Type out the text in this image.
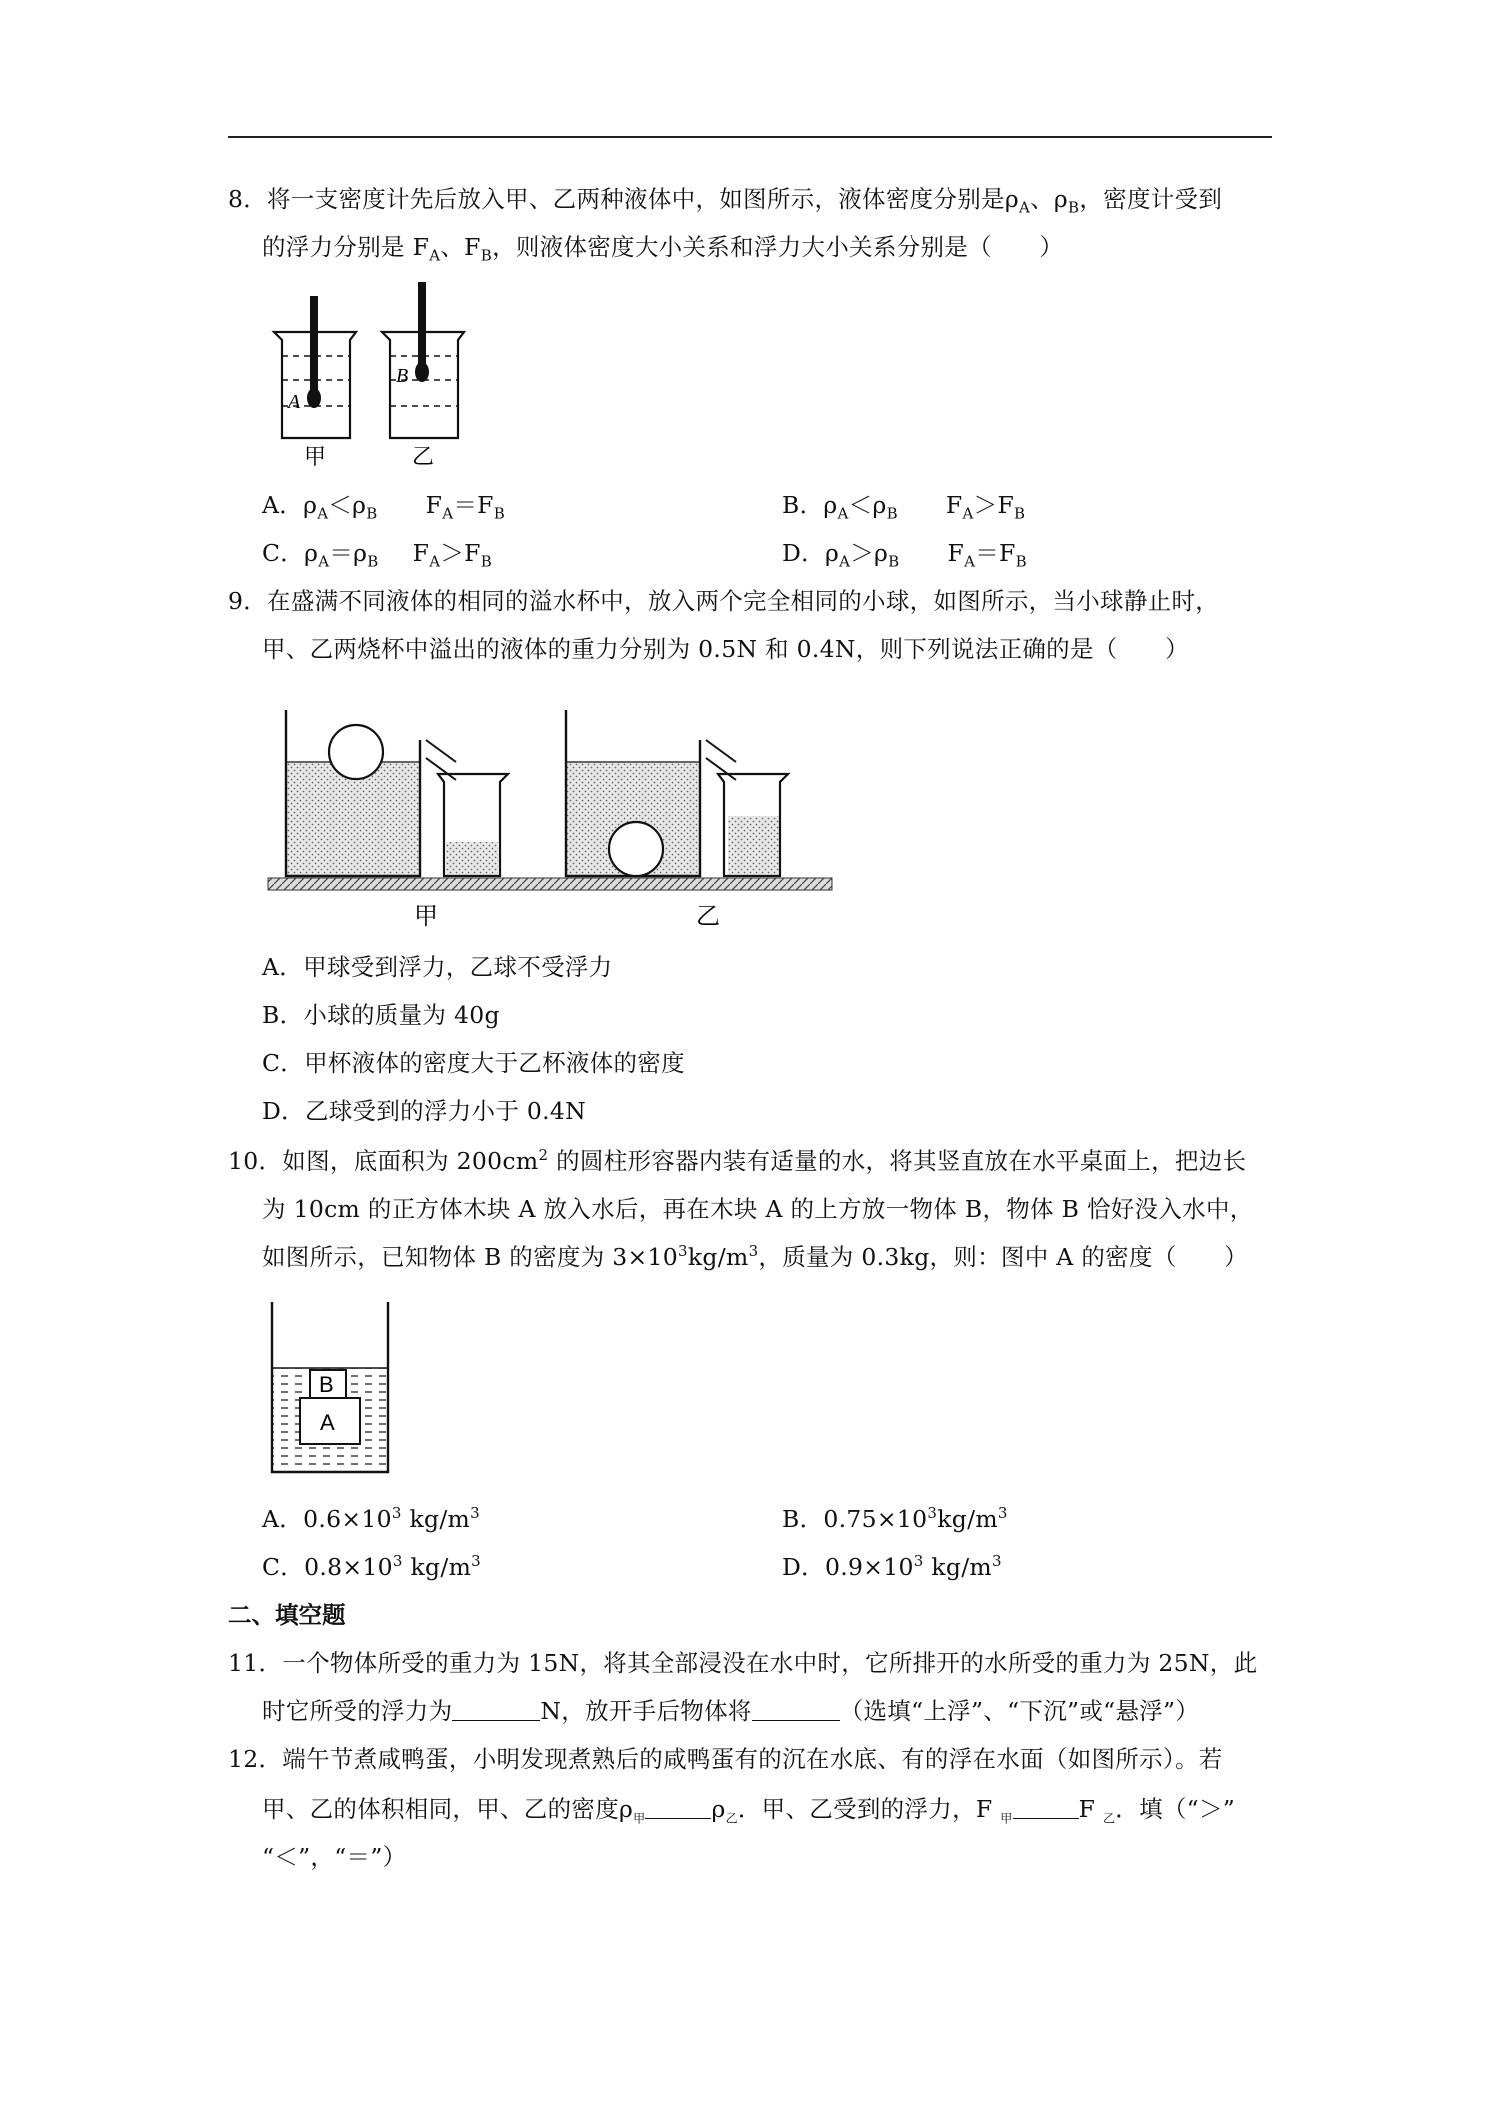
8．将一支密度计先后放入甲、乙两种液体中，如图所示，液体密度分别是$\rho_A$、$\rho_B$，密度计受到
的浮力分别是 $F_A$、$F_B$，则液体密度大小关系和浮力大小关系分别是（　　）
A
B
甲	乙
A．$\rho_A<\rho_B$ $F_A=F_B$	B．$\rho_A<\rho_B$ $F_A>F_B$
C．$\rho_A=\rho_B$ $F_A>F_B$	D．$\rho_A>\rho_B$ $F_A=F_B$
9．在盛满不同液体的相同的溢水杯中，放入两个完全相同的小球，如图所示，当小球静止时，
甲、乙两烧杯中溢出的液体的重力分别为 0.5N 和 0.4N，则下列说法正确的是（　　）
甲	乙
A．甲球受到浮力，乙球不受浮力
B．小球的质量为 40g
C．甲杯液体的密度大于乙杯液体的密度
D．乙球受到的浮力小于 0.4N
10．如图，底面积为 $200cm^2$ 的圆柱形容器内装有适量的水，将其竖直放在水平桌面上，把边长
为 10cm 的正方体木块 A 放入水后，再在木块 A 的上方放一物体 B，物体 B 恰好没入水中，
如图所示，已知物体 B 的密度为 $3\times 10^3kg/m^3$，质量为 0.3kg，则：图中 A 的密度（　　）
B
A
A．$0.6\times 10^3$ $kg/m^3$	B．$0.75\times 10^3kg/m^3$
C．$0.8\times 10^3$ $kg/m^3$	D．$0.9\times 10^3$ $kg/m^3$
二、填空题
11．一个物体所受的重力为 15N，将其全部浸没在水中时，它所排开的水所受的重力为 25N，此
时它所受的浮力为	N，放开手后物体将	（选填“上浮”、“下沉”或“悬浮”）
12．端午节煮咸鸭蛋，小明发现煮熟后的咸鸭蛋有的沉在水底、有的浮在水面（如图所示）。若
甲、乙的体积相同，甲、乙的密度$\rho_甲$	$\rho_乙$．甲、乙受到的浮力，F $_甲$	F $_乙$．填（“＞”
“＜”，“＝”）
